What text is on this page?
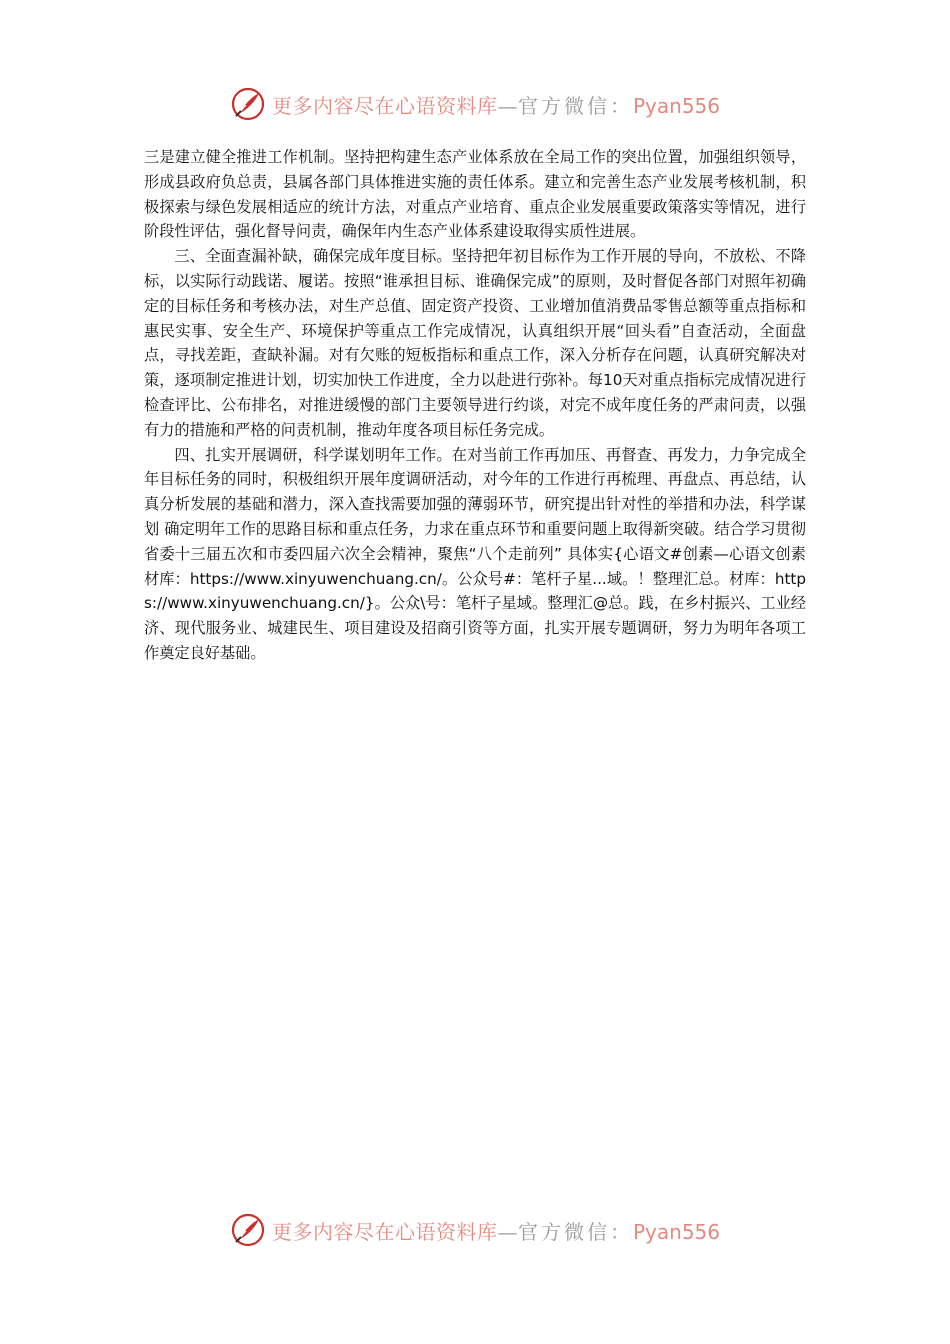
更多内容尽在心语资料库—官方微信：Pyan556

三是建立健全推进工作机制。坚持把构建生态产业体系放在全局工作的突出位置，加强组织领导，形成县政府负总责，县属各部门具体推进实施的责任体系。建立和完善生态产业发展考核机制，积极探索与绿色发展相适应的统计方法，对重点产业培育、重点企业发展重要政策落实等情况，进行阶段性评估，强化督导问责，确保年内生态产业体系建设取得实质性进展。

三、全面查漏补缺，确保完成年度目标。坚持把年初目标作为工作开展的导向，不放松、不降标，以实际行动践诺、履诺。按照“谁承担目标、谁确保完成”的原则，及时督促各部门对照年初确定的目标任务和考核办法，对生产总值、固定资产投资、工业增加值消费品零售总额等重点指标和惠民实事、安全生产、环境保护等重点工作完成情况，认真组织开展“回头看”自查活动，全面盘点，寻找差距，查缺补漏。对有欠账的短板指标和重点工作，深入分析存在问题，认真研究解决对策，逐项制定推进计划，切实加快工作进度，全力以赴进行弥补。每10天对重点指标完成情况进行检查评比、公布排名，对推进缓慢的部门主要领导进行约谈，对完不成年度任务的严肃问责，以强有力的措施和严格的问责机制，推动年度各项目标任务完成。

四、扎实开展调研，科学谋划明年工作。在对当前工作再加压、再督查、再发力，力争完成全年目标任务的同时，积极组织开展年度调研活动，对今年的工作进行再梳理、再盘点、再总结，认真分析发展的基础和潜力，深入查找需要加强的薄弱环节，研究提出针对性的举措和办法，科学谋划 确定明年工作的思路目标和重点任务，力求在重点环节和重要问题上取得新突破。结合学习贯彻省委十三届五次和市委四届六次全会精神，聚焦“八个走前列” 具体实{心语文#创素—心语文创素材库：https://www.xinyuwenchuang.cn/。公众号#：笔杆子星...域。！整理汇总。材库：https://www.xinyuwenchuang.cn/}。公众\号：笔杆子星域。整理汇@总。践，在乡村振兴、工业经济、现代服务业、城建民生、项目建设及招商引资等方面，扎实开展专题调研，努力为明年各项工作奠定良好基础。

更多内容尽在心语资料库—官方微信：Pyan556
